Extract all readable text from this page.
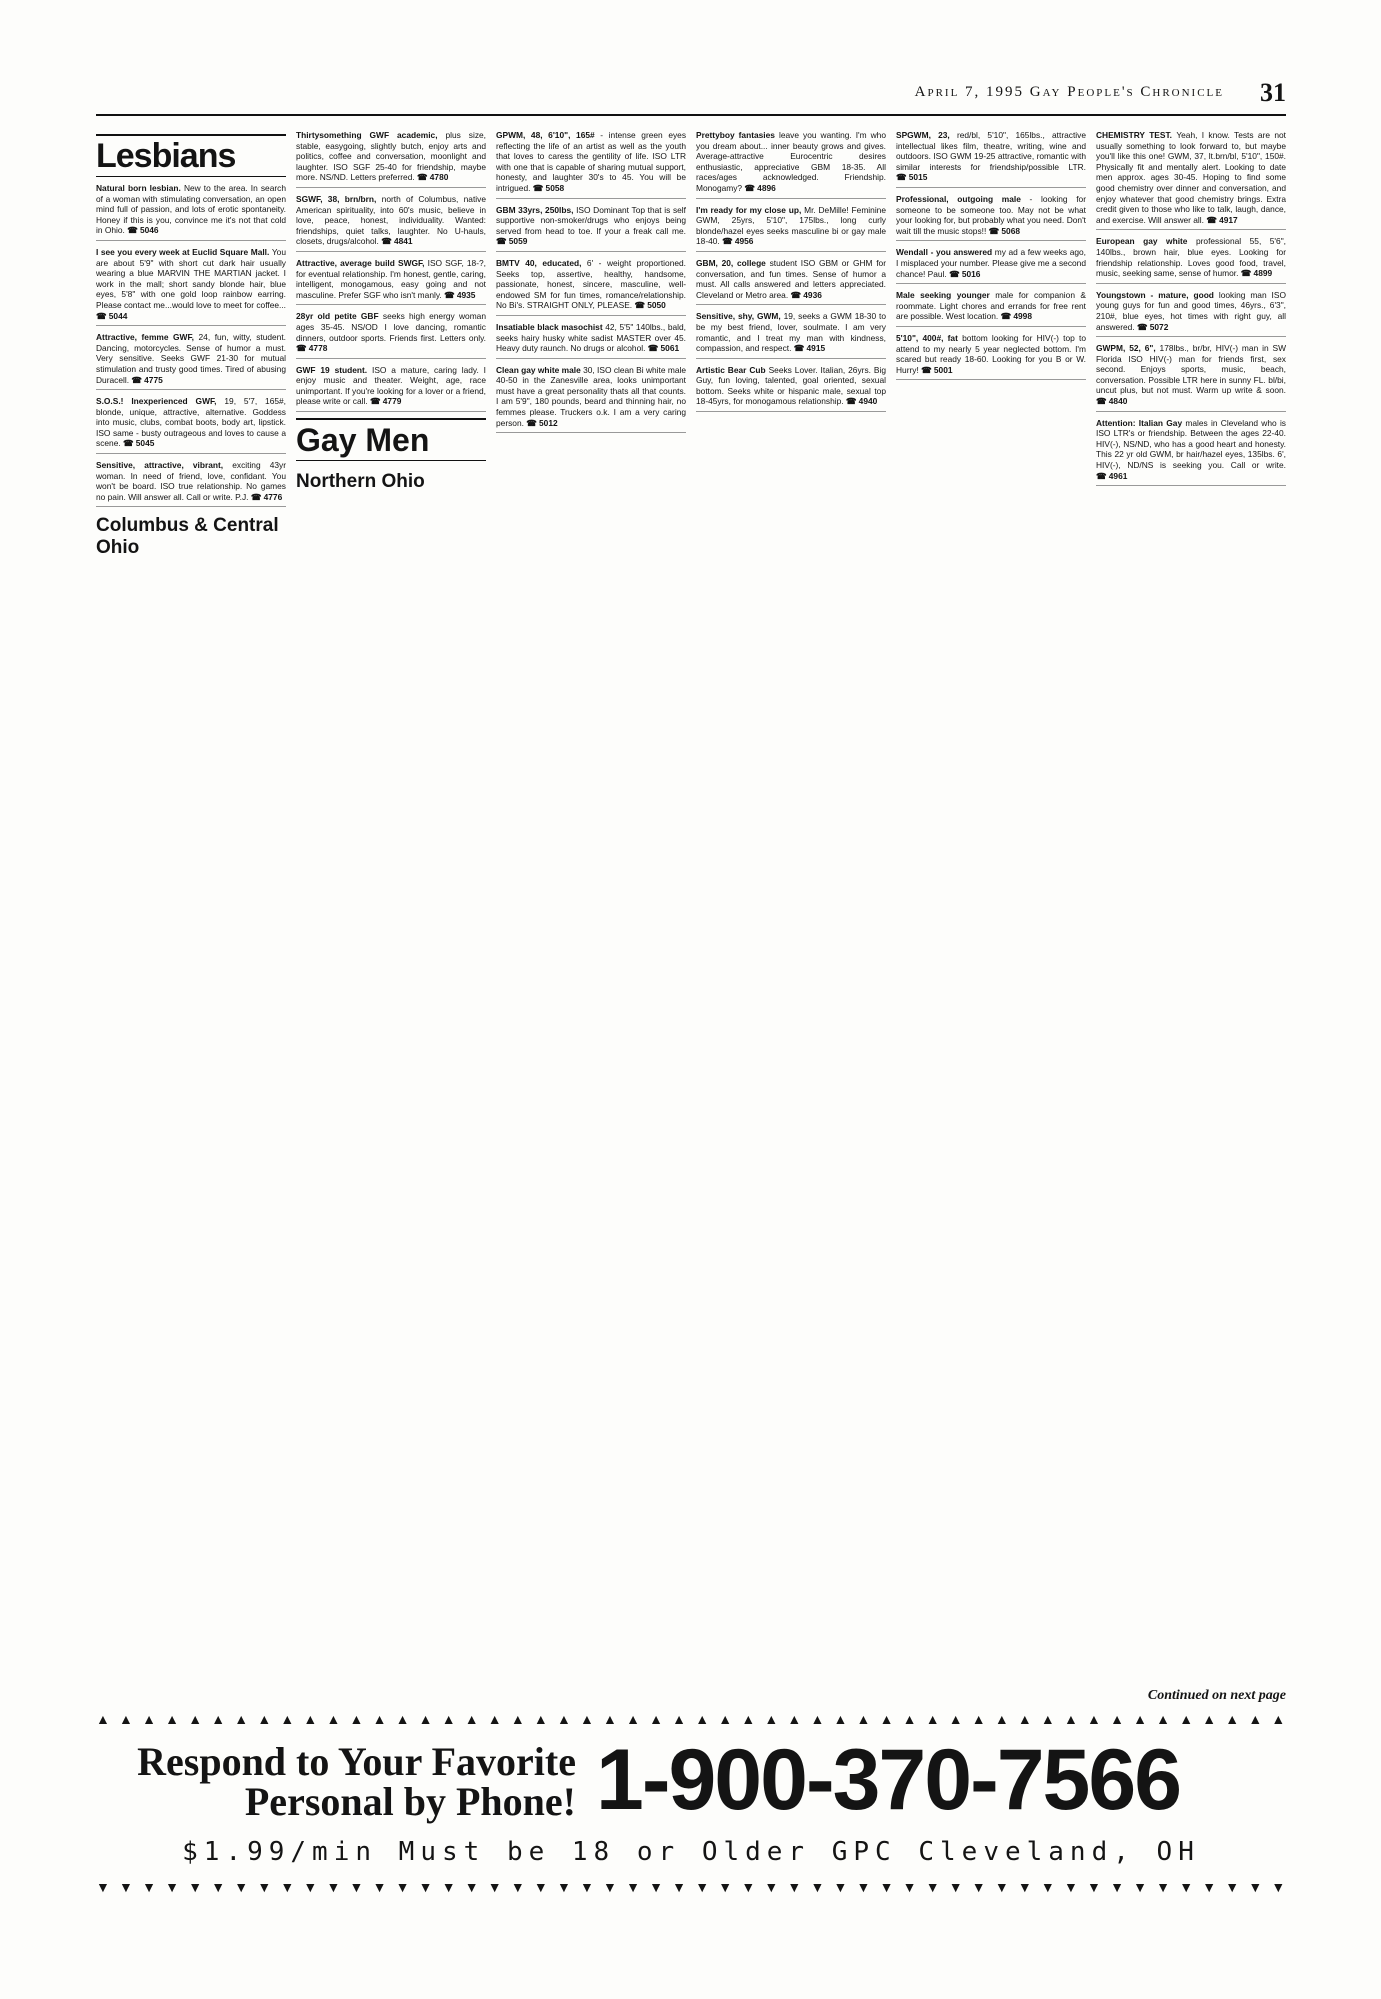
April 7, 1995 Gay People's Chronicle 31
Lesbians

Natural born lesbian. New to the area. In search of a woman with stimulating conversation, an open mind full of passion, and lots of erotic spontaneity. Honey if this is you, convince me it's not that cold in Ohio. ☎ 5046

I see you every week at Euclid Square Mall. You are about 5'9" with short cut dark hair usually wearing a blue MARVIN THE MARTIAN jacket. I work in the mall; short sandy blonde hair, blue eyes, 5'8" with one gold loop rainbow earring. Please contact me...would love to meet for coffee... ☎ 5044

Attractive, femme GWF, 24, fun, witty, student. Dancing, motorcycles. Sense of humor a must. Very sensitive. Seeks GWF 21-30 for mutual stimulation and trusty good times. Tired of abusing Duracell. ☎ 4775

S.O.S.! Inexperienced GWF, 19, 5'7, 165#, blonde, unique, attractive, alternative. Goddess into music, clubs, combat boots, body art, lipstick. ISO same - busty outrageous and loves to cause a scene. ☎ 5045

Sensitive, attractive, vibrant, exciting 43yr woman. In need of friend, love, confidant. You won't be board. ISO true relationship. No games no pain. Will answer all. Call or write. P.J. ☎ 4776

Columbus & Central Ohio

Thirtysomething GWF academic, plus size, stable, easygoing, slightly butch, enjoy arts and politics, coffee and conversation, moonlight and laughter. ISO SGF 25-40 for friendship, maybe more. NS/ND. Letters preferred. ☎ 4780

SGWF, 38, brn/brn, north of Columbus, native American spirituality, into 60's music, believe in love, peace, honest, individuality. Wanted: friendships, quiet talks, laughter. No U-hauls, closets, drugs/alcohol. ☎ 4841

Attractive, average build SWGF, ISO SGF, 18-?, for eventual relationship. I'm honest, gentle, caring, intelligent, monogamous, easy going and not masculine. Prefer SGF who isn't manly. ☎ 4935

28yr old petite GBF seeks high energy woman ages 35-45. NS/OD I love dancing, romantic dinners, outdoor sports. Friends first. Letters only. ☎ 4778

GWF 19 student. ISO a mature, caring lady. I enjoy music and theater. Weight, age, race unimportant. If you're looking for a lover or a friend, please write or call. ☎ 4779

Gay Men
Northern Ohio

GPWM, 48, 6'10", 165# - intense green eyes reflecting the life of an artist as well as the youth that loves to caress the gentility of life. ISO LTR with one that is capable of sharing mutual support, honesty, and laughter 30's to 45. You will be intrigued. ☎ 5058

GBM 33yrs, 250lbs, ISO Dominant Top that is self supportive non-smoker/drugs who enjoys being served from head to toe. If your a freak call me. ☎ 5059

BMTV 40, educated, 6' - weight proportioned. Seeks top, assertive, healthy, handsome, passionate, honest, sincere, masculine, well-endowed SM for fun times, romance/relationship. No Bi's. STRAIGHT ONLY, PLEASE. ☎ 5050

Insatiable black masochist 42, 5'5" 140lbs., bald, seeks hairy husky white sadist MASTER over 45. Heavy duty raunch. No drugs or alcohol. ☎ 5061

Clean gay white male 30, ISO clean Bi white male 40-50 in the Zanesville area, looks unimportant must have a great personality thats all that counts. I am 5'9", 180 pounds, beard and thinning hair, no femmes please. Truckers o.k. I am a very caring person. ☎ 5012

Prettyboy fantasies leave you wanting. I'm who you dream about... inner beauty grows and gives. Average-attractive Eurocentric desires enthusiastic, appreciative GBM 18-35. All races/ages acknowledged. Friendship. Monogamy? ☎ 4896

I'm ready for my close up, Mr. DeMille! Feminine GWM, 25yrs, 5'10", 175lbs., long curly blonde/hazel eyes seeks masculine bi or gay male 18-40. ☎ 4956

GBM, 20, college student ISO GBM or GHM for conversation, and fun times. Sense of humor a must. All calls answered and letters appreciated. Cleveland or Metro area. ☎ 4936

Sensitive, shy, GWM, 19, seeks a GWM 18-30 to be my best friend, lover, soulmate. I am very romantic, and I treat my man with kindness, compassion, and respect. ☎ 4915

Artistic Bear Cub Seeks Lover. Italian, 26yrs. Big Guy, fun loving, talented, goal oriented, sexual bottom. Seeks white or hispanic male, sexual top 18-45yrs, for monogamous relationship. ☎ 4940

SPGWM, 23, red/bl, 5'10", 165lbs., attractive intellectual likes film, theatre, writing, wine and outdoors. ISO GWM 19-25 attractive, romantic with similar interests for friendship/possible LTR. ☎ 5015

Professional, outgoing male - looking for someone to be someone too. May not be what your looking for, but probably what you need. Don't wait till the music stops!! ☎ 5068

Wendall - you answered my ad a few weeks ago, I misplaced your number. Please give me a second chance! Paul. ☎ 5016

Male seeking younger male for companion & roommate. Light chores and errands for free rent are possible. West location. ☎ 4998

5'10", 400#, fat bottom looking for HIV(-) top to attend to my nearly 5 year neglected bottom. I'm scared but ready 18-60. Looking for you B or W. Hurry! ☎ 5001

CHEMISTRY TEST. Yeah, I know. Tests are not usually something to look forward to, but maybe you'll like this one! GWM, 37, lt.brn/bl, 5'10", 150#. Physically fit and mentally alert. Looking to date men approx. ages 30-45. Hoping to find some good chemistry over dinner and conversation, and enjoy whatever that good chemistry brings. Extra credit given to those who like to talk, laugh, dance, and exercise. Will answer all. ☎ 4917

European gay white professional 55, 5'6", 140lbs., brown hair, blue eyes. Looking for friendship relationship. Loves good food, travel, music, seeking same, sense of humor. ☎ 4899

Youngstown - mature, good looking man ISO young guys for fun and good times, 46yrs., 6'3", 210#, blue eyes, hot times with right guy, all answered. ☎ 5072

GWPM, 52, 6", 178lbs., br/br, HIV(-) man in SW Florida ISO HIV(-) man for friends first, sex second. Enjoys sports, music, beach, conversation. Possible LTR here in sunny FL. bl/bi, uncut plus, but not must. Warm up write & soon. ☎ 4840

Attention: Italian Gay males in Cleveland who is ISO LTR's or friendship. Between the ages 22-40. HIV(-), NS/ND, who has a good heart and honesty. This 22 yr old GWM, br hair/hazel eyes, 135lbs. 6', HIV(-), ND/NS is seeking you. Call or write. ☎ 4961

Continued on next page
▲ ▲ ▲ ▲ ▲ ▲ ▲ ▲ ▲ ▲ ▲ ▲ ▲ ▲ ▲ ▲ ▲ ▲ ▲ ▲ ▲ ▲ ▲ ▲ ▲ ▲ ▲ ▲ ▲ ▲ ▲ ▲ ▲ ▲ ▲ ▲ ▲ ▲ ▲ ▲ ▲ ▲ ▲ ▲ ▲ ▲ ▲ ▲ ▲ ▲ ▲ ▲
Respond to Your Favorite
Personal by Phone! 1-900-370-7566
$1.99/min Must be 18 or Older GPC Cleveland, OH
▼ ▼ ▼ ▼ ▼ ▼ ▼ ▼ ▼ ▼ ▼ ▼ ▼ ▼ ▼ ▼ ▼ ▼ ▼ ▼ ▼ ▼ ▼ ▼ ▼ ▼ ▼ ▼ ▼ ▼ ▼ ▼ ▼ ▼ ▼ ▼ ▼ ▼ ▼ ▼ ▼ ▼ ▼ ▼ ▼ ▼ ▼ ▼ ▼ ▼ ▼ ▼
